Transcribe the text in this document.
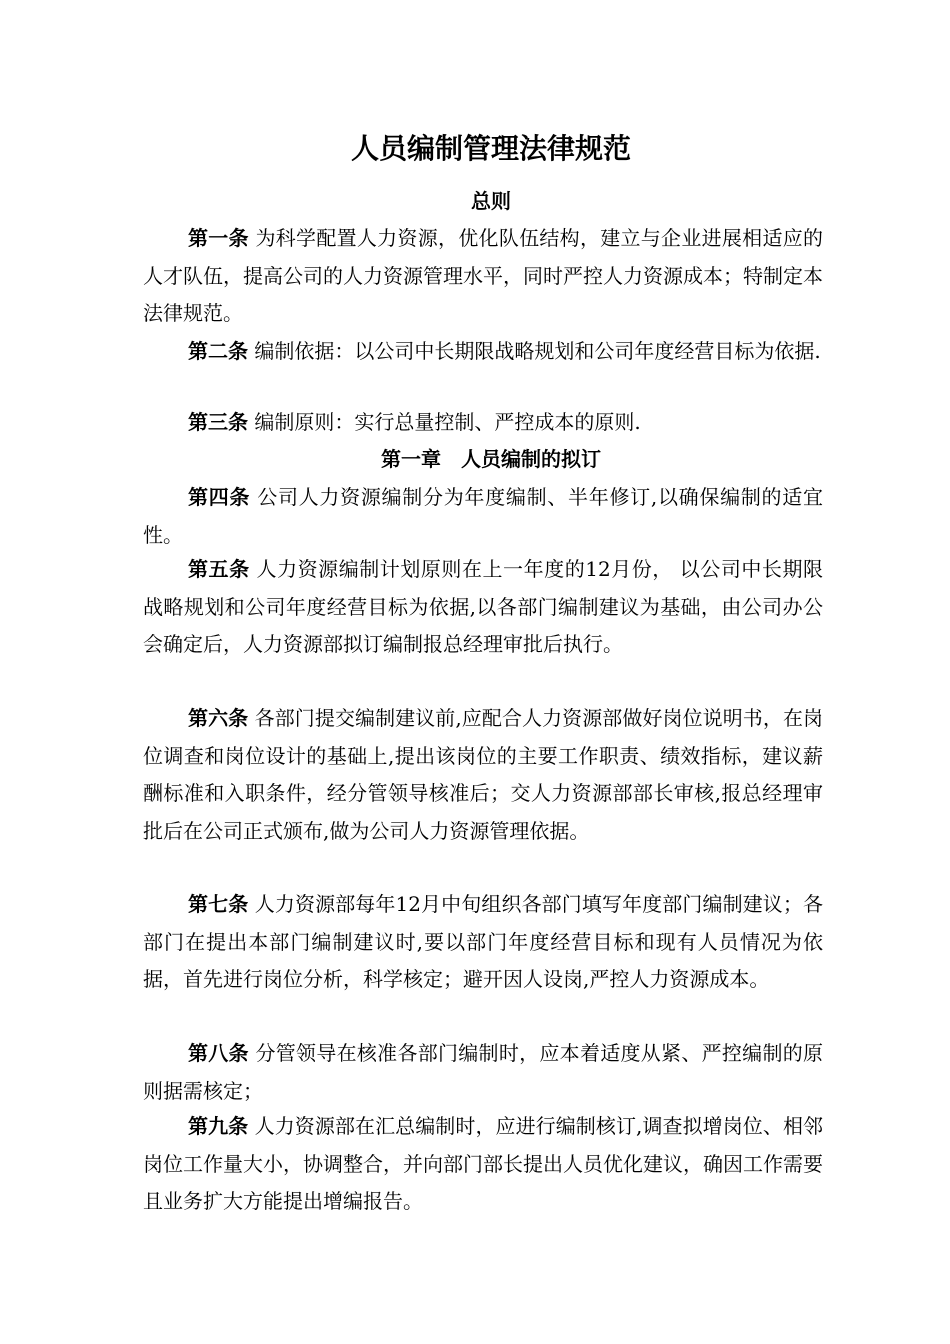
人员编制管理法律规范
总则

第一条 为科学配置人力资源，优化队伍结构，建立与企业进展相适应的人才队伍，提高公司的人力资源管理水平，同时严控人力资源成本；特制定本法律规范。

第二条 编制依据：以公司中长期限战略规划和公司年度经营目标为依据.

第三条 编制原则：实行总量控制、严控成本的原则.

第一章　人员编制的拟订

第四条 公司人力资源编制分为年度编制、半年修订,以确保编制的适宜性。

第五条 人力资源编制计划原则在上一年度的12月份， 以公司中长期限战略规划和公司年度经营目标为依据,以各部门编制建议为基础，由公司办公会确定后，人力资源部拟订编制报总经理审批后执行。

第六条 各部门提交编制建议前,应配合人力资源部做好岗位说明书，在岗位调查和岗位设计的基础上,提出该岗位的主要工作职责、绩效指标，建议薪酬标准和入职条件，经分管领导核准后；交人力资源部部长审核,报总经理审批后在公司正式颁布,做为公司人力资源管理依据。

第七条 人力资源部每年12月中旬组织各部门填写年度部门编制建议；各部门在提出本部门编制建议时,要以部门年度经营目标和现有人员情况为依据，首先进行岗位分析，科学核定；避开因人设岗,严控人力资源成本。

第八条 分管领导在核准各部门编制时，应本着适度从紧、严控编制的原则据需核定；

第九条 人力资源部在汇总编制时，应进行编制核订,调查拟增岗位、相邻岗位工作量大小，协调整合，并向部门部长提出人员优化建议，确因工作需要且业务扩大方能提出增编报告。
